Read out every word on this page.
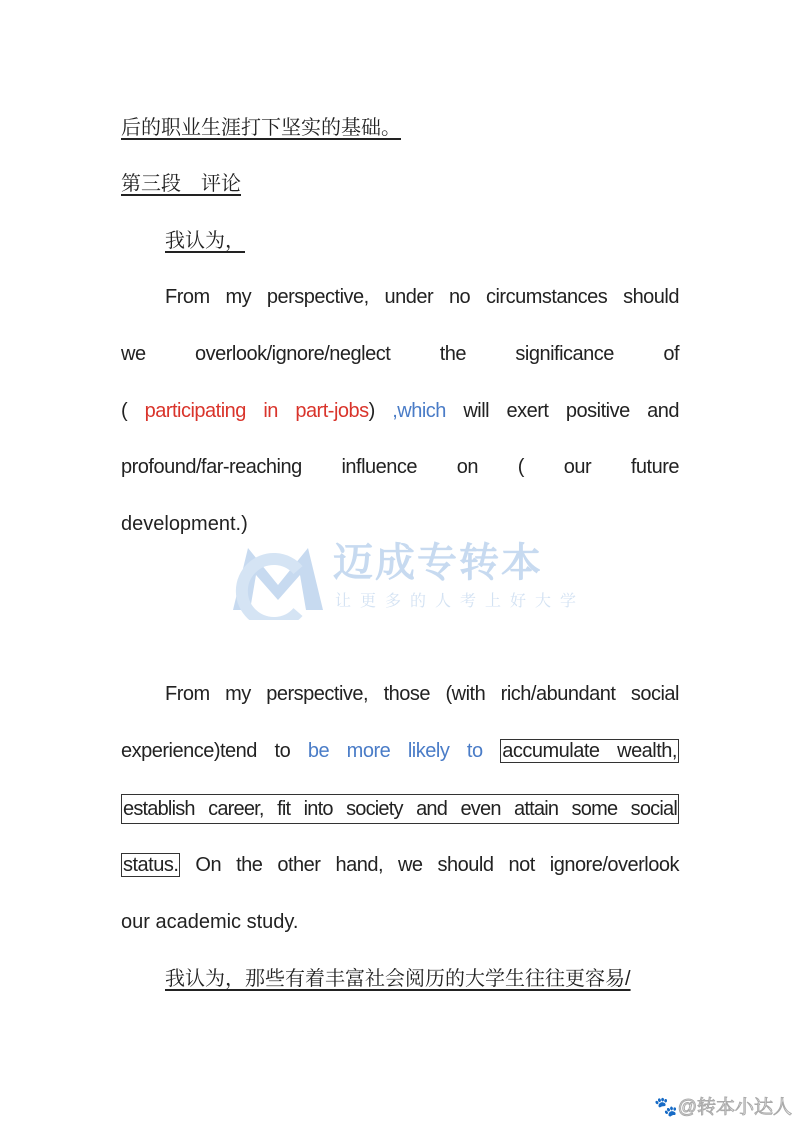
后的职业生涯打下坚实的基础。
第三段　评论
我认为，
From my perspective, under no circumstances should
we overlook/ignore/neglect the significance of
( participating in part-jobs) ,which will exert positive and
profound/far-reaching influence on ( our future
development.)
迈成专转本
让更多的人考上好大学
From my perspective, those (with rich/abundant social
experience)tend to be more likely to accumulate wealth,
establish career, fit into society and even attain some social
status. On the other hand, we should not ignore/overlook
our academic study.
我认为，那些有着丰富社会阅历的大学生往往更容易/
🐾@转本小达人
